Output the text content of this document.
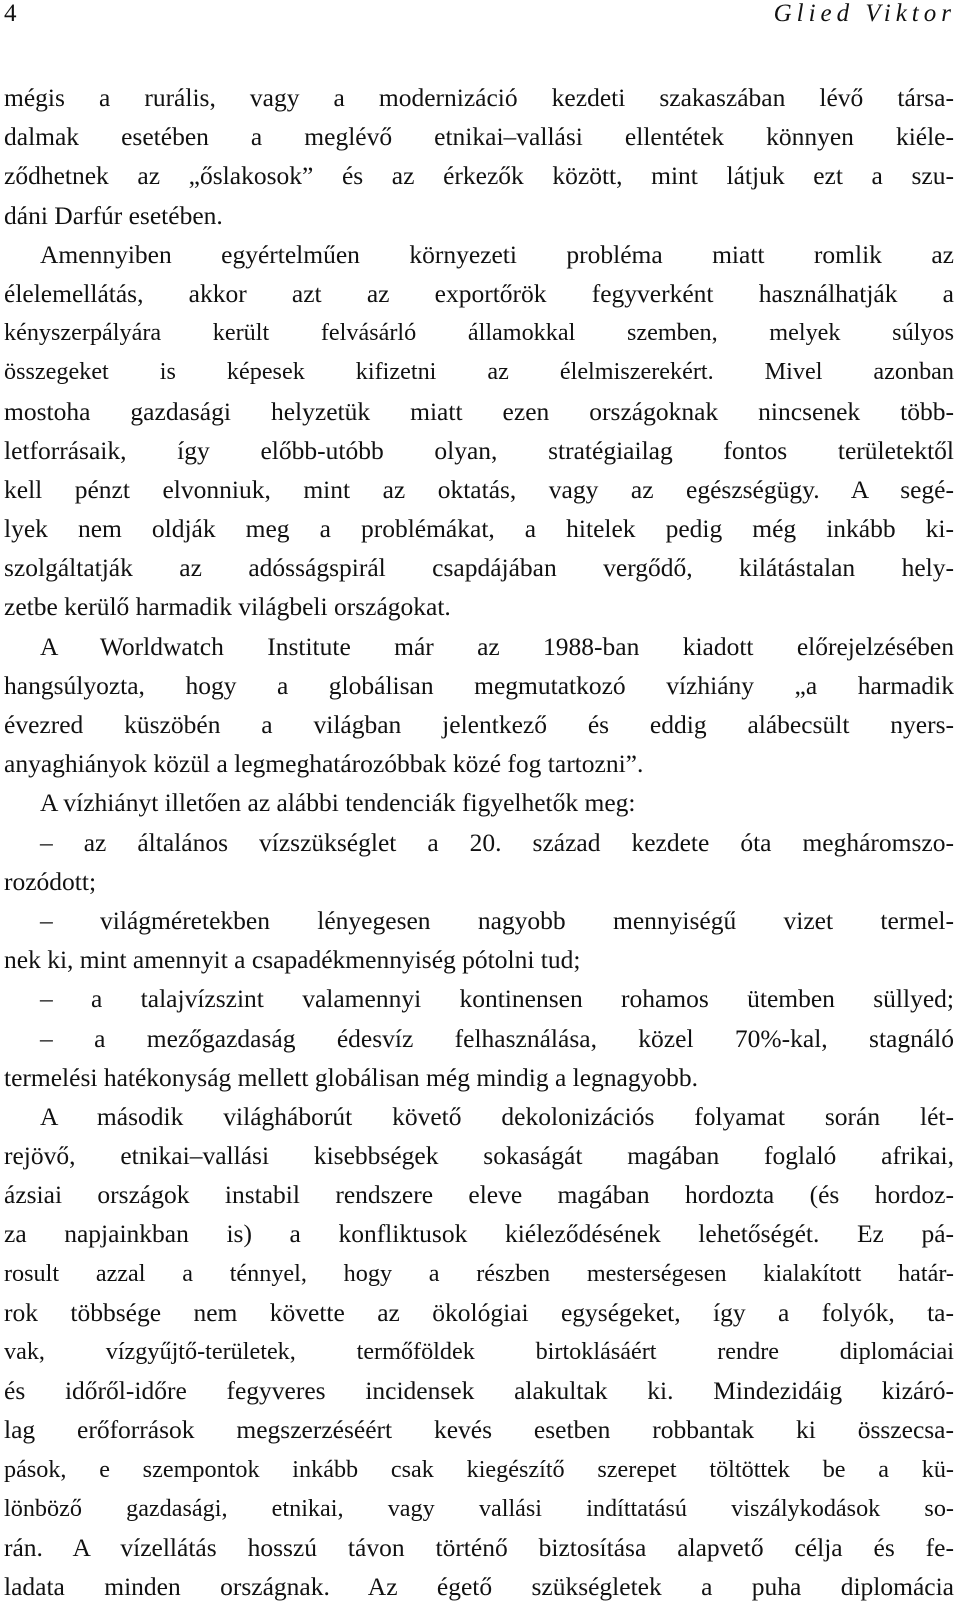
4	Glied Viktor
mégis a rurális, vagy a modernizáció kezdeti szakaszában lévő társa-
dalmak esetében a meglévő etnikai–vallási ellentétek könnyen kiéle-
ződhetnek az „őslakosok” és az érkezők között, mint látjuk ezt a szu-
dáni Darfúr esetében.
Amennyiben egyértelműen környezeti probléma miatt romlik az
élelemellátás, akkor azt az exportőrök fegyverként használhatják a
kényszerpályára került felvásárló államokkal szemben, melyek súlyos
összegeket is képesek kifizetni az élelmiszerekért. Mivel azonban
mostoha gazdasági helyzetük miatt ezen országoknak nincsenek több-
letforrásaik, így előbb-utóbb olyan, stratégiailag fontos területektől
kell pénzt elvonniuk, mint az oktatás, vagy az egészségügy. A segé-
lyek nem oldják meg a problémákat, a hitelek pedig még inkább ki-
szolgáltatják az adósságspirál csapdájában vergődő, kilátástalan hely-
zetbe kerülő harmadik világbeli országokat.
A Worldwatch Institute már az 1988-ban kiadott előrejelzésében
hangsúlyozta, hogy a globálisan megmutatkozó vízhiány „a harmadik
évezred küszöbén a világban jelentkező és eddig alábecsült nyers-
anyaghiányok közül a legmeghatározóbbak közé fog tartozni”.
A vízhiányt illetően az alábbi tendenciák figyelhetők meg:
– az általános vízszükséglet a 20. század kezdete óta megháromszo-
rozódott;
– világméretekben lényegesen nagyobb mennyiségű vizet termel-
nek ki, mint amennyit a csapadékmennyiség pótolni tud;
– a talajvízszint valamennyi kontinensen rohamos ütemben süllyed;
– a mezőgazdaság édesvíz felhasználása, közel 70%-kal, stagnáló
termelési hatékonyság mellett globálisan még mindig a legnagyobb.
A második világháborút követő dekolonizációs folyamat során lét-
rejövő, etnikai–vallási kisebbségek sokaságát magában foglaló afrikai,
ázsiai országok instabil rendszere eleve magában hordozta (és hordoz-
za napjainkban is) a konfliktusok kiéleződésének lehetőségét. Ez pá-
rosult azzal a ténnyel, hogy a részben mesterségesen kialakított határ-
rok többsége nem követte az ökológiai egységeket, így a folyók, ta-
vak, vízgyűjtő-területek, termőföldek birtoklásáért rendre diplomáciai
és időről-időre fegyveres incidensek alakultak ki. Mindezidáig kizáró-
lag erőforrások megszerzéséért kevés esetben robbantak ki összecsa-
pások, e szempontok inkább csak kiegészítő szerepet töltöttek be a kü-
lönböző gazdasági, etnikai, vagy vallási indíttatású viszálykodások so-
rán. A vízellátás hosszú távon történő biztosítása alapvető célja és fe-
ladata minden országnak. Az égető szükségletek a puha diplomácia
